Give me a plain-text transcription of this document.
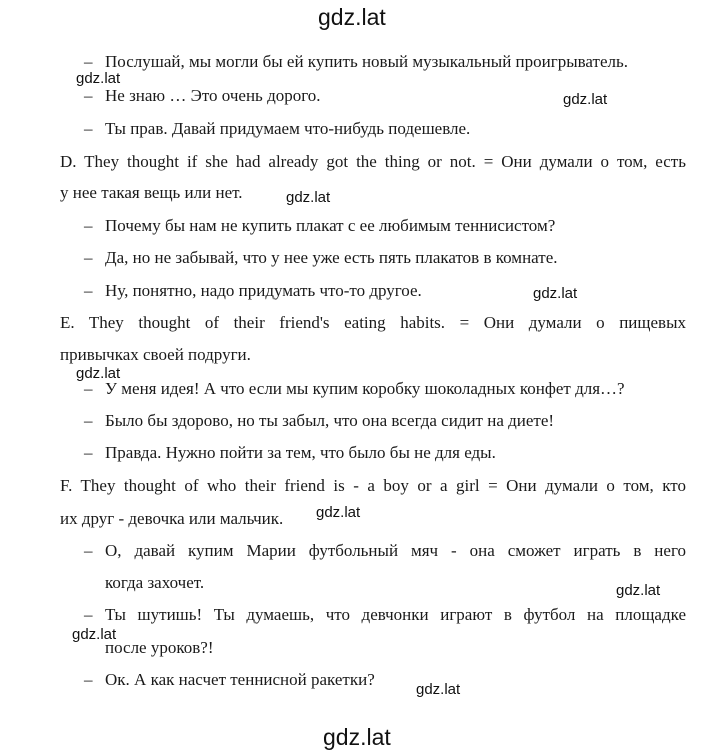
gdz.lat
– Послушай, мы могли бы ей купить новый музыкальный проигрыватель.
gdz.lat
– Не знаю … Это очень дорого.	gdz.lat
– Ты прав. Давай придумаем что-нибудь подешевле.
D. They thought if she had already got the thing or not. = Они думали о том, есть
у нее такая вещь или нет.	gdz.lat
– Почему бы нам не купить плакат с ее любимым теннисистом?
– Да, но не забывай, что у нее уже есть пять плакатов в комнате.
– Ну, понятно, надо придумать что-то другое.	gdz.lat
E. They thought of their friend's eating habits. = Они думали о пищевых
привычках своей подруги.
gdz.lat
– У меня идея! А что если мы купим коробку шоколадных конфет для…?
– Было бы здорово, но ты забыл, что она всегда сидит на диете!
– Правда. Нужно пойти за тем, что было бы не для еды.
F. They thought of who their friend is - a boy or a girl = Они думали о том, кто
их друг - девочка или мальчик. gdz.lat
– О, давай купим Марии футбольный мяч - она сможет играть в него
когда захочет.	gdz.lat
– Ты шутишь! Ты думаешь, что девчонки играют в футбол на площадке
после уроков?!
gdz.lat
– Ок. А как насчет теннисной ракетки?
gdz.lat
gdz.lat
